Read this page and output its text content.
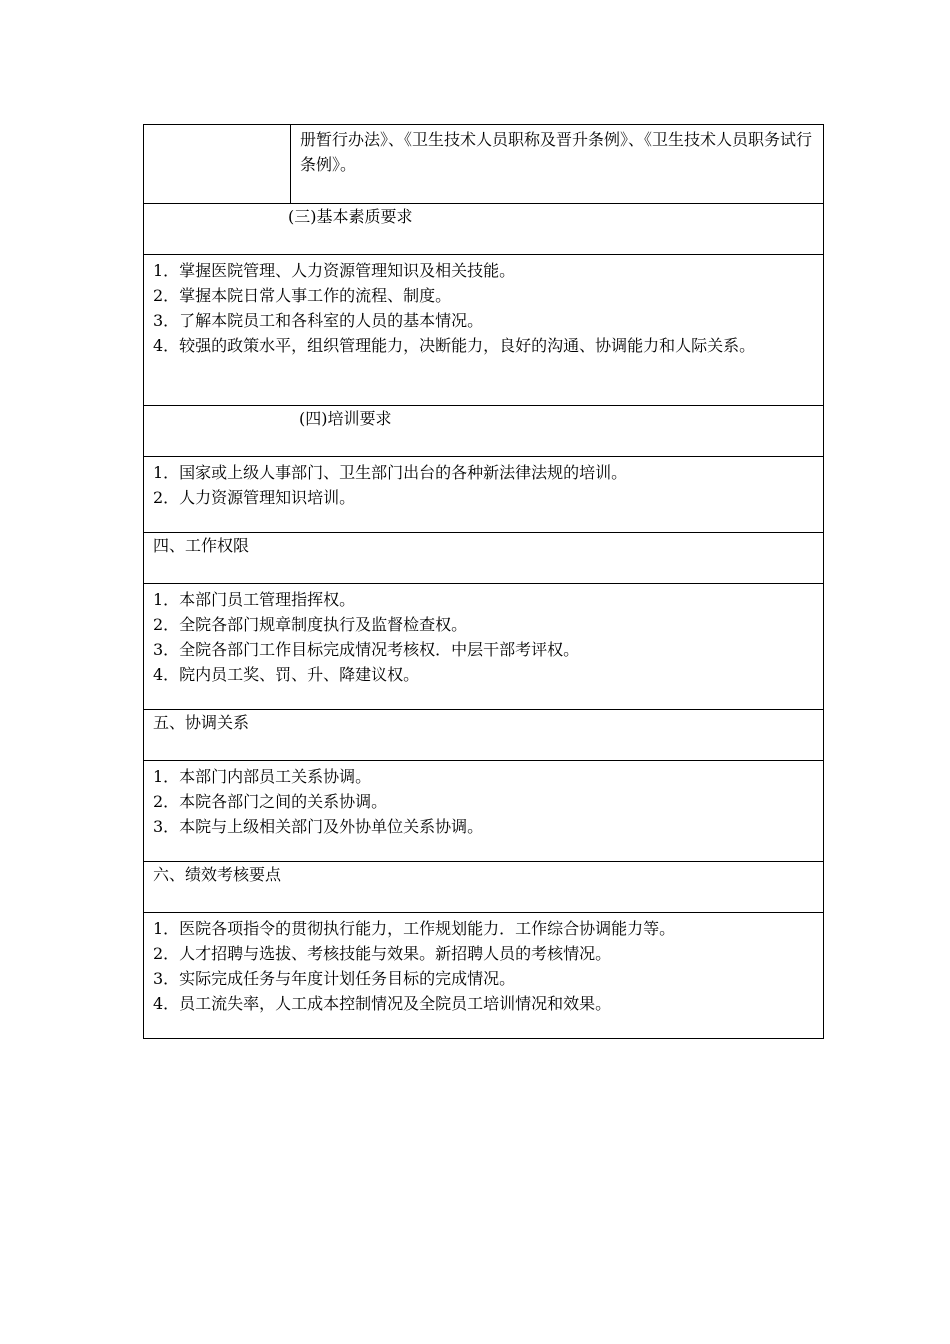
	册暂行办法》、《卫生技术人员职称及晋升条例》、《卫生技术人员职务试行条例》。
(三)基本素质要求

1．掌握医院管理、人力资源管理知识及相关技能。
2．掌握本院日常人事工作的流程、制度。
3．了解本院员工和各科室的人员的基本情况。
4．较强的政策水平，组织管理能力，决断能力，良好的沟通、协调能力和人际关系。

(四)培训要求

1．国家或上级人事部门、卫生部门出台的各种新法律法规的培训。
2．人力资源管理知识培训。

四、工作权限

1．本部门员工管理指挥权。
2．全院各部门规章制度执行及监督检查权。
3．全院各部门工作目标完成情况考核权．中层干部考评权。
4．院内员工奖、罚、升、降建议权。

五、协调关系

1．本部门内部员工关系协调。
2．本院各部门之间的关系协调。
3．本院与上级相关部门及外协单位关系协调。

六、绩效考核要点

1．医院各项指令的贯彻执行能力，工作规划能力．工作综合协调能力等。
2．人才招聘与选拔、考核技能与效果。新招聘人员的考核情况。
3．实际完成任务与年度计划任务目标的完成情况。
4．员工流失率，人工成本控制情况及全院员工培训情况和效果。
